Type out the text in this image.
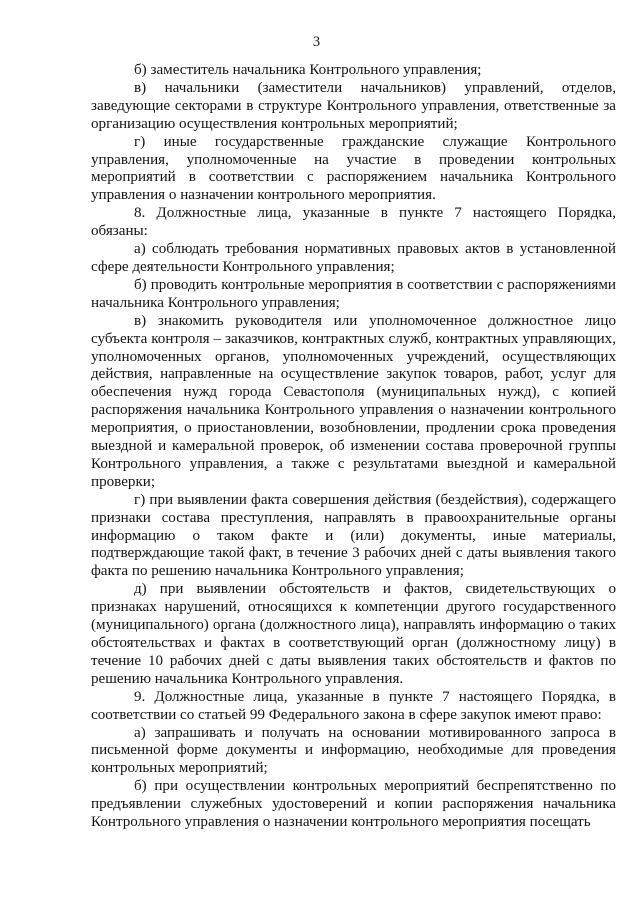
3

б) заместитель начальника Контрольного управления;

в) начальники (заместители начальников) управлений, отделов, заведующие секторами в структуре Контрольного управления, ответственные за организацию осуществления контрольных мероприятий;

г) иные государственные гражданские служащие Контрольного управления, уполномоченные на участие в проведении контрольных мероприятий в соответствии с распоряжением начальника Контрольного управления о назначении контрольного мероприятия.

8. Должностные лица, указанные в пункте 7 настоящего Порядка, обязаны:

а) соблюдать требования нормативных правовых актов в установленной сфере деятельности Контрольного управления;

б) проводить контрольные мероприятия в соответствии с распоряжениями начальника Контрольного управления;

в) знакомить руководителя или уполномоченное должностное лицо субъекта контроля – заказчиков, контрактных служб, контрактных управляющих, уполномоченных органов, уполномоченных учреждений, осуществляющих действия, направленные на осуществление закупок товаров, работ, услуг для обеспечения нужд города Севастополя (муниципальных нужд), с копией распоряжения начальника Контрольного управления о назначении контрольного мероприятия, о приостановлении, возобновлении, продлении срока проведения выездной и камеральной проверок, об изменении состава проверочной группы Контрольного управления, а также с результатами выездной и камеральной проверки;

г) при выявлении факта совершения действия (бездействия), содержащего признаки состава преступления, направлять в правоохранительные органы информацию о таком факте и (или) документы, иные материалы, подтверждающие такой факт, в течение 3 рабочих дней с даты выявления такого факта по решению начальника Контрольного управления;

д) при выявлении обстоятельств и фактов, свидетельствующих о признаках нарушений, относящихся к компетенции другого государственного (муниципального) органа (должностного лица), направлять информацию о таких обстоятельствах и фактах в соответствующий орган (должностному лицу) в течение 10 рабочих дней с даты выявления таких обстоятельств и фактов по решению начальника Контрольного управления.

9. Должностные лица, указанные в пункте 7 настоящего Порядка, в соответствии со статьей 99 Федерального закона в сфере закупок имеют право:

а) запрашивать и получать на основании мотивированного запроса в письменной форме документы и информацию, необходимые для проведения контрольных мероприятий;

б) при осуществлении контрольных мероприятий беспрепятственно по предъявлении служебных удостоверений и копии распоряжения начальника Контрольного управления о назначении контрольного мероприятия посещать
